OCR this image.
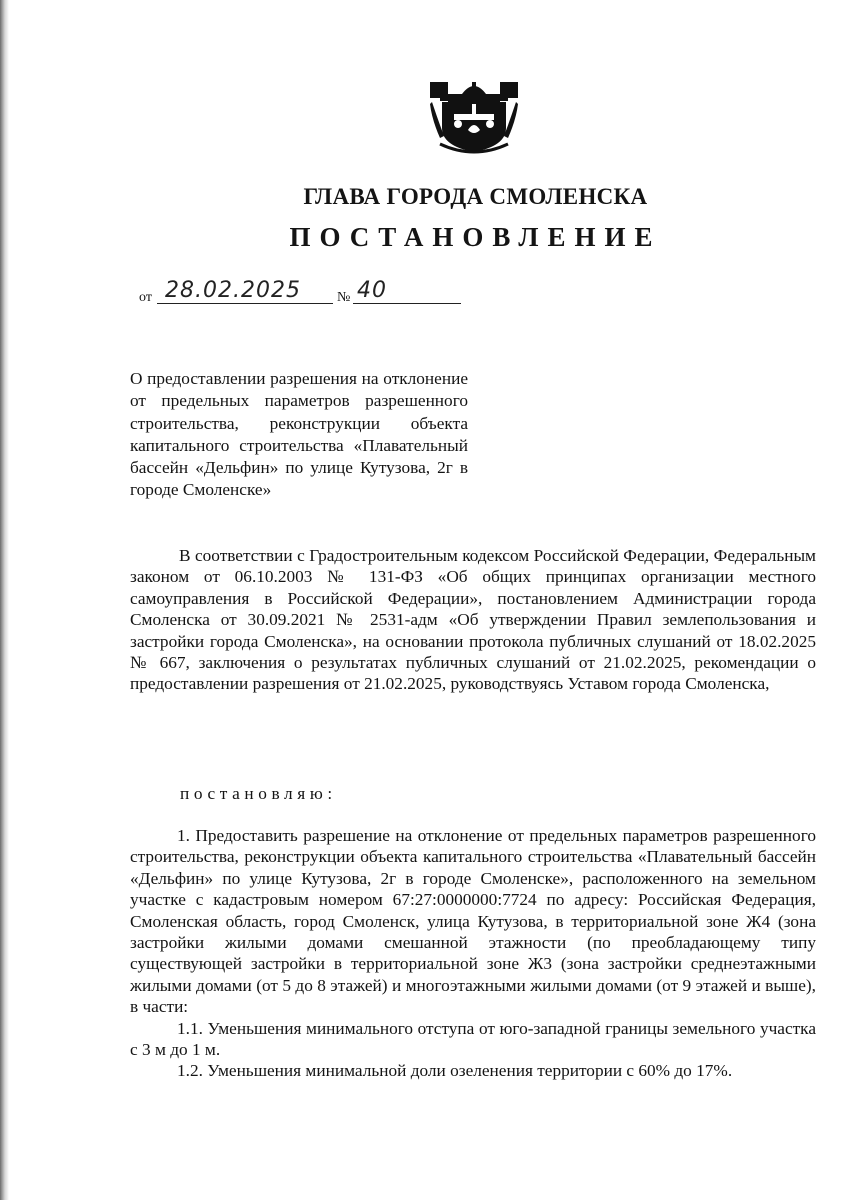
ГЛАВА ГОРОДА СМОЛЕНСКА
ПОСТАНОВЛЕНИЕ
от 28.02.2025	№ 40
О предоставлении разрешения на отклонение от предельных параметров разрешенного строительства, реконструкции объекта капитального строительства «Плавательный бассейн «Дельфин» по улице Кутузова, 2г в городе Смоленске»

В соответствии с Градостроительным кодексом Российской Федерации, Федеральным законом от 06.10.2003 № 131-ФЗ «Об общих принципах организации местного самоуправления в Российской Федерации», постановлением Администрации города Смоленска от 30.09.2021 № 2531-адм «Об утверждении Правил землепользования и застройки города Смоленска», на основании протокола публичных слушаний от 18.02.2025 № 667, заключения о результатах публичных слушаний от 21.02.2025, рекомендации о предоставлении разрешения от 21.02.2025, руководствуясь Уставом города Смоленска,

постановляю:

1. Предоставить разрешение на отклонение от предельных параметров разрешенного строительства, реконструкции объекта капитального строительства «Плавательный бассейн «Дельфин» по улице Кутузова, 2г в городе Смоленске», расположенного на земельном участке с кадастровым номером 67:27:0000000:7724 по адресу: Российская Федерация, Смоленская область, город Смоленск, улица Кутузова, в территориальной зоне Ж4 (зона застройки жилыми домами смешанной этажности (по преобладающему типу существующей застройки в территориальной зоне Ж3 (зона застройки среднеэтажными жилыми домами (от 5 до 8 этажей) и многоэтажными жилыми домами (от 9 этажей и выше), в части:

1.1. Уменьшения минимального отступа от юго-западной границы земельного участка с 3 м до 1 м.

1.2. Уменьшения минимальной доли озеленения территории с 60% до 17%.
